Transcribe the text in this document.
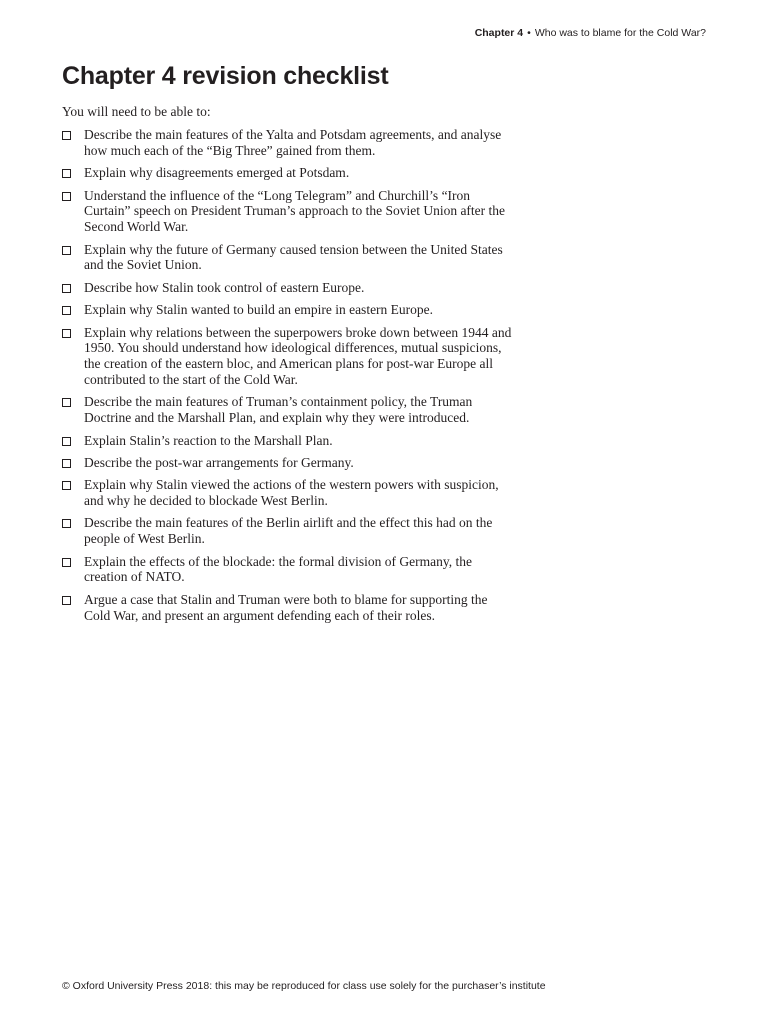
Chapter 4 • Who was to blame for the Cold War?
Chapter 4 revision checklist

You will need to be able to:

Describe the main features of the Yalta and Potsdam agreements, and analyse how much each of the “Big Three” gained from them.
Explain why disagreements emerged at Potsdam.
Understand the influence of the “Long Telegram” and Churchill’s “Iron Curtain” speech on President Truman’s approach to the Soviet Union after the Second World War.
Explain why the future of Germany caused tension between the United States and the Soviet Union.
Describe how Stalin took control of eastern Europe.
Explain why Stalin wanted to build an empire in eastern Europe.
Explain why relations between the superpowers broke down between 1944 and 1950. You should understand how ideological differences, mutual suspicions, the creation of the eastern bloc, and American plans for post-war Europe all contributed to the start of the Cold War.
Describe the main features of Truman’s containment policy, the Truman Doctrine and the Marshall Plan, and explain why they were introduced.
Explain Stalin’s reaction to the Marshall Plan.
Describe the post-war arrangements for Germany.
Explain why Stalin viewed the actions of the western powers with suspicion, and why he decided to blockade West Berlin.
Describe the main features of the Berlin airlift and the effect this had on the people of West Berlin.
Explain the effects of the blockade: the formal division of Germany, the creation of NATO.
Argue a case that Stalin and Truman were both to blame for supporting the Cold War, and present an argument defending each of their roles.

© Oxford University Press 2018: this may be reproduced for class use solely for the purchaser’s institute
